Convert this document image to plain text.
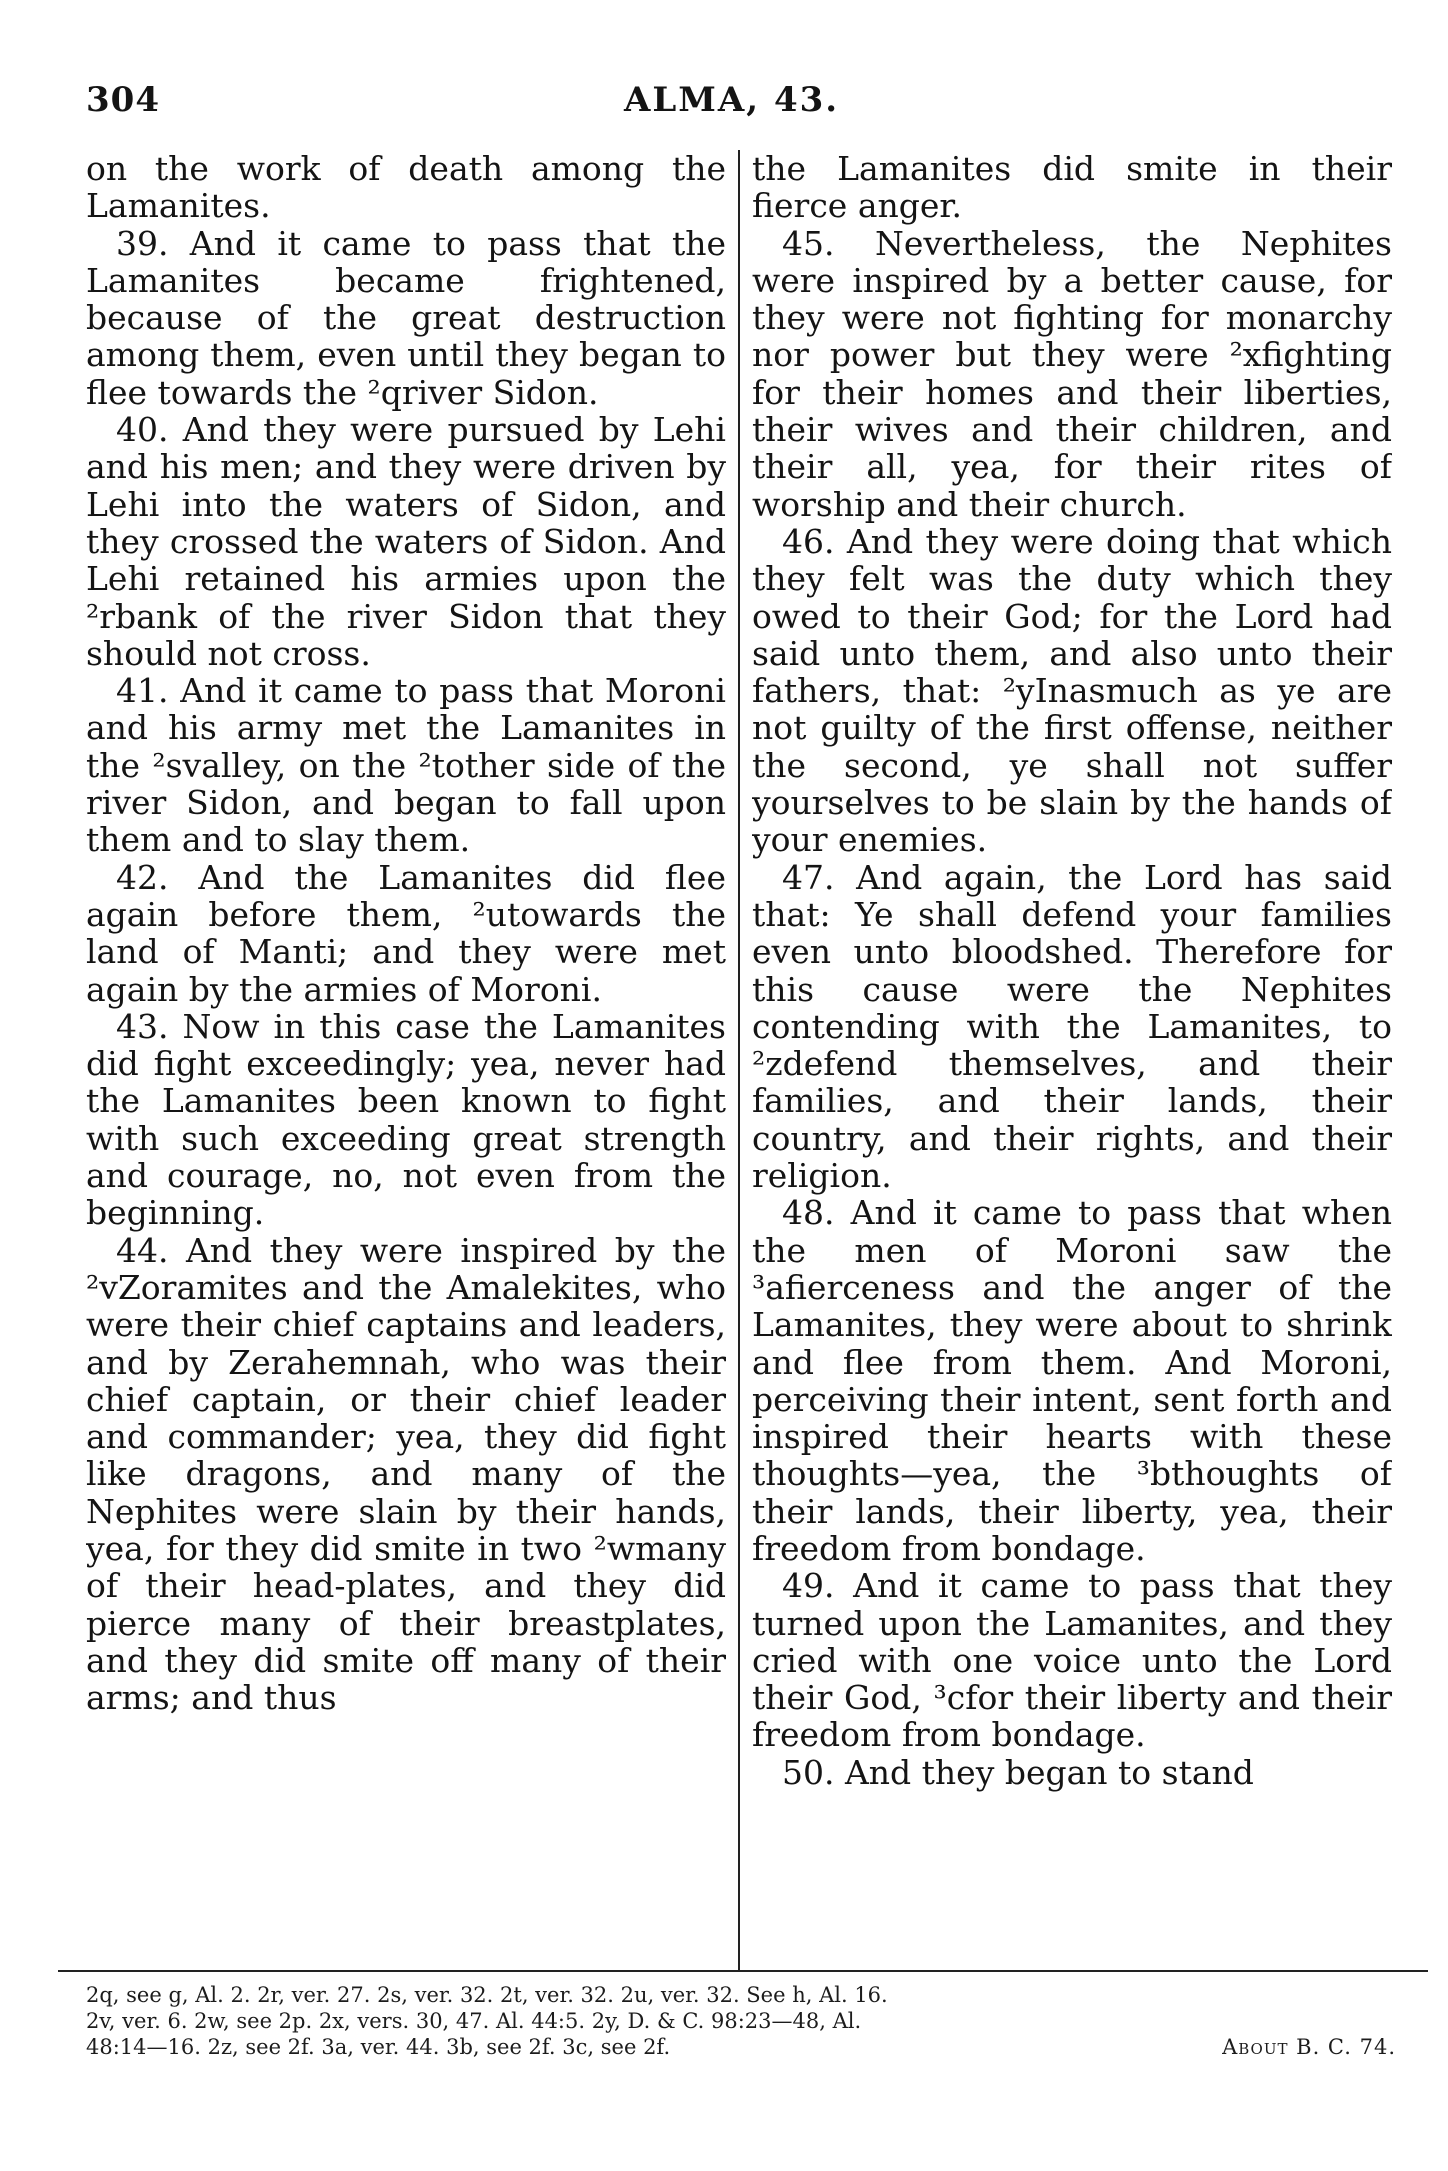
304	ALMA, 43.

on the work of death among the Lamanites.

39. And it came to pass that the Lamanites became frightened, because of the great destruction among them, even until they began to flee towards the ²qriver Sidon.

40. And they were pursued by Lehi and his men; and they were driven by Lehi into the waters of Sidon, and they crossed the waters of Sidon. And Lehi retained his armies upon the ²rbank of the river Sidon that they should not cross.

41. And it came to pass that Moroni and his army met the Lamanites in the ²svalley, on the ²tother side of the river Sidon, and began to fall upon them and to slay them.

42. And the Lamanites did flee again before them, ²utowards the land of Manti; and they were met again by the armies of Moroni.

43. Now in this case the Lamanites did fight exceedingly; yea, never had the Lamanites been known to fight with such exceeding great strength and courage, no, not even from the beginning.

44. And they were inspired by the ²vZoramites and the Amalekites, who were their chief captains and leaders, and by Zerahemnah, who was their chief captain, or their chief leader and commander; yea, they did fight like dragons, and many of the Nephites were slain by their hands, yea, for they did smite in two ²wmany of their head-plates, and they did pierce many of their breastplates, and they did smite off many of their arms; and thus

the Lamanites did smite in their fierce anger.

45. Nevertheless, the Nephites were inspired by a better cause, for they were not fighting for monarchy nor power but they were ²xfighting for their homes and their liberties, their wives and their children, and their all, yea, for their rites of worship and their church.

46. And they were doing that which they felt was the duty which they owed to their God; for the Lord had said unto them, and also unto their fathers, that: ²yInasmuch as ye are not guilty of the first offense, neither the second, ye shall not suffer yourselves to be slain by the hands of your enemies.

47. And again, the Lord has said that: Ye shall defend your families even unto bloodshed. Therefore for this cause were the Nephites contending with the Lamanites, to ²zdefend themselves, and their families, and their lands, their country, and their rights, and their religion.

48. And it came to pass that when the men of Moroni saw the ³afierceness and the anger of the Lamanites, they were about to shrink and flee from them. And Moroni, perceiving their intent, sent forth and inspired their hearts with these thoughts—yea, the ³bthoughts of their lands, their liberty, yea, their freedom from bondage.

49. And it came to pass that they turned upon the Lamanites, and they cried with one voice unto the Lord their God, ³cfor their liberty and their freedom from bondage.

50. And they began to stand

2q, see g, Al. 2. 2r, ver. 27. 2s, ver. 32. 2t, ver. 32. 2u, ver. 32. See h, Al. 16.
2v, ver. 6. 2w, see 2p. 2x, vers. 30, 47. Al. 44:5. 2y, D. & C. 98:23—48, Al.
48:14—16. 2z, see 2f. 3a, ver. 44. 3b, see 2f. 3c, see 2f.	About B. C. 74.
